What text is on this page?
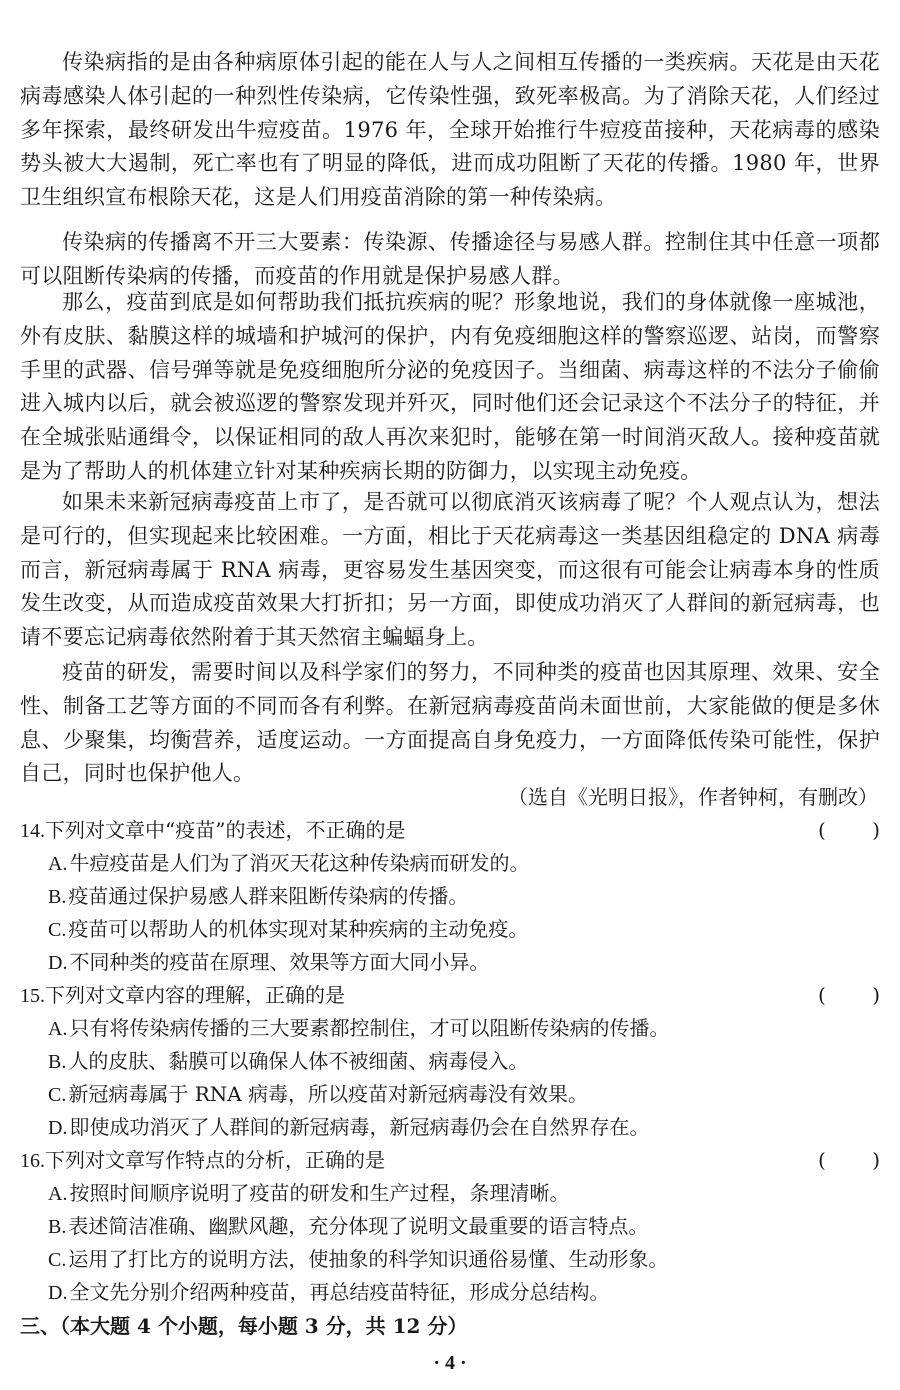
传染病指的是由各种病原体引起的能在人与人之间相互传播的一类疾病。天花是由天花病毒感染人体引起的一种烈性传染病，它传染性强，致死率极高。为了消除天花，人们经过多年探索，最终研发出牛痘疫苗。1976 年，全球开始推行牛痘疫苗接种，天花病毒的感染势头被大大遏制，死亡率也有了明显的降低，进而成功阻断了天花的传播。1980 年，世界卫生组织宣布根除天花，这是人们用疫苗消除的第一种传染病。

传染病的传播离不开三大要素：传染源、传播途径与易感人群。控制住其中任意一项都可以阻断传染病的传播，而疫苗的作用就是保护易感人群。

那么，疫苗到底是如何帮助我们抵抗疾病的呢？形象地说，我们的身体就像一座城池，外有皮肤、黏膜这样的城墙和护城河的保护，内有免疫细胞这样的警察巡逻、站岗，而警察手里的武器、信号弹等就是免疫细胞所分泌的免疫因子。当细菌、病毒这样的不法分子偷偷进入城内以后，就会被巡逻的警察发现并歼灭，同时他们还会记录这个不法分子的特征，并在全城张贴通缉令，以保证相同的敌人再次来犯时，能够在第一时间消灭敌人。接种疫苗就是为了帮助人的机体建立针对某种疾病长期的防御力，以实现主动免疫。

如果未来新冠病毒疫苗上市了，是否就可以彻底消灭该病毒了呢？个人观点认为，想法是可行的，但实现起来比较困难。一方面，相比于天花病毒这一类基因组稳定的 DNA 病毒而言，新冠病毒属于 RNA 病毒，更容易发生基因突变，而这很有可能会让病毒本身的性质发生改变，从而造成疫苗效果大打折扣；另一方面，即使成功消灭了人群间的新冠病毒，也请不要忘记病毒依然附着于其天然宿主蝙蝠身上。

疫苗的研发，需要时间以及科学家们的努力，不同种类的疫苗也因其原理、效果、安全性、制备工艺等方面的不同而各有利弊。在新冠病毒疫苗尚未面世前，大家能做的便是多休息、少聚集，均衡营养，适度运动。一方面提高自身免疫力，一方面降低传染可能性，保护自己，同时也保护他人。

（选自《光明日报》，作者钟柯，有删改）
14.下列对文章中“疫苗”的表述，不正确的是	( )
A. 牛痘疫苗是人们为了消灭天花这种传染病而研发的。
B. 疫苗通过保护易感人群来阻断传染病的传播。
C. 疫苗可以帮助人的机体实现对某种疾病的主动免疫。
D. 不同种类的疫苗在原理、效果等方面大同小异。
15.下列对文章内容的理解，正确的是	( )
A. 只有将传染病传播的三大要素都控制住，才可以阻断传染病的传播。
B. 人的皮肤、黏膜可以确保人体不被细菌、病毒侵入。
C. 新冠病毒属于 RNA 病毒，所以疫苗对新冠病毒没有效果。
D. 即使成功消灭了人群间的新冠病毒，新冠病毒仍会在自然界存在。
16.下列对文章写作特点的分析，正确的是	( )
A. 按照时间顺序说明了疫苗的研发和生产过程，条理清晰。
B. 表述简洁准确、幽默风趣，充分体现了说明文最重要的语言特点。
C. 运用了打比方的说明方法，使抽象的科学知识通俗易懂、生动形象。
D. 全文先分别介绍两种疫苗，再总结疫苗特征，形成分总结构。
三、（本大题 4 个小题，每小题 3 分，共 12 分）
· 4 ·
